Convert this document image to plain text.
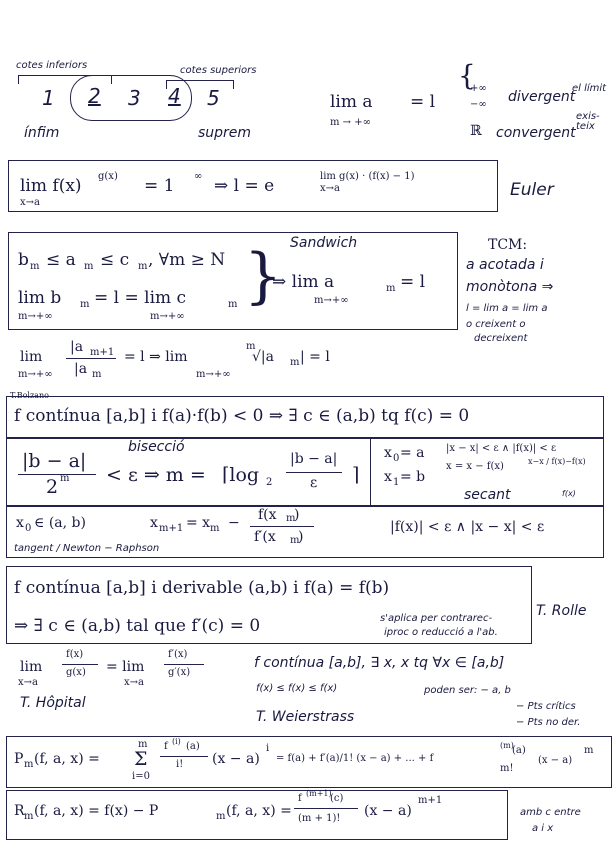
cotes inferiors	cotes superiors
1 2 3 4 5
ínfim	suprem
lim a
m → +∞
= l
{
+∞
−∞ divergent
ℝ convergent
el límit
exis-teix
lim f(x) g(x)
x→a
= 1 ∞ ⇒ l = e	lim g(x) · (f(x) − 1)
x→a	Euler
Sandwich
b m ≤ a m ≤ c m , ∀m ≥ N
lim b m = l = lim c	m
m→+∞	m→+∞
}
⇒ lim a	m = l
m→+∞
TCM:
a acotada i
monòtona ⇒
l = lim a = lim a
o creixent o
decreixent
lim
m→+∞
|a m+1
|a m
= l ⇒ lim
m→+∞
m
√|a m | = l
T.Bolzano
f contínua [a,b] i f(a)·f(b) < 0 ⇒ ∃ c ∈ (a,b) tq f(c) = 0
bisecció
|b − a|
2 m < ε ⇒ m = ⌈log 2
|b − a|
ε ⌉
x 0 = a
x 1 = b
|x − x| < ε ∧ |f(x)| < ε
x = x − f(x)	x−x / f(x)−f(x)
secant	f(x)
x 0 ∈ (a, b)	x m+1 = x m − f(x m
)
f′(x m
)
|f(x)| < ε ∧ |x − x| < ε
tangent / Newton − Raphson
f contínua [a,b] i derivable (a,b) i f(a) = f(b)
⇒ ∃ c ∈ (a,b) tal que f′(c) = 0	s'aplica per contrarec-
iproc o reducció a l'ab.
T. Rolle
lim
x→a
f(x)
g(x) = lim
x→a
f′(x)
g′(x)
T. Hôpital
f contínua [a,b], ∃ x, x tq ∀x ∈ [a,b]
f(x) ≤ f(x) ≤ f(x)	poden ser: − a, b
− Pts crítics
− Pts no der.
T. Weierstrass
P m (f, a, x) =
m
Σ
i=0
f (i) (a)
i! (x − a)
i
= f(a) + f′(a)/1! (x − a) + ... + f
(m)
(a)
m!
(x − a)
m
R m (f, a, x) = f(x) − P	m (f, a, x) =
f (m+1)
(c)
(m + 1)! (x − a)
m+1
amb c entre
a i x
